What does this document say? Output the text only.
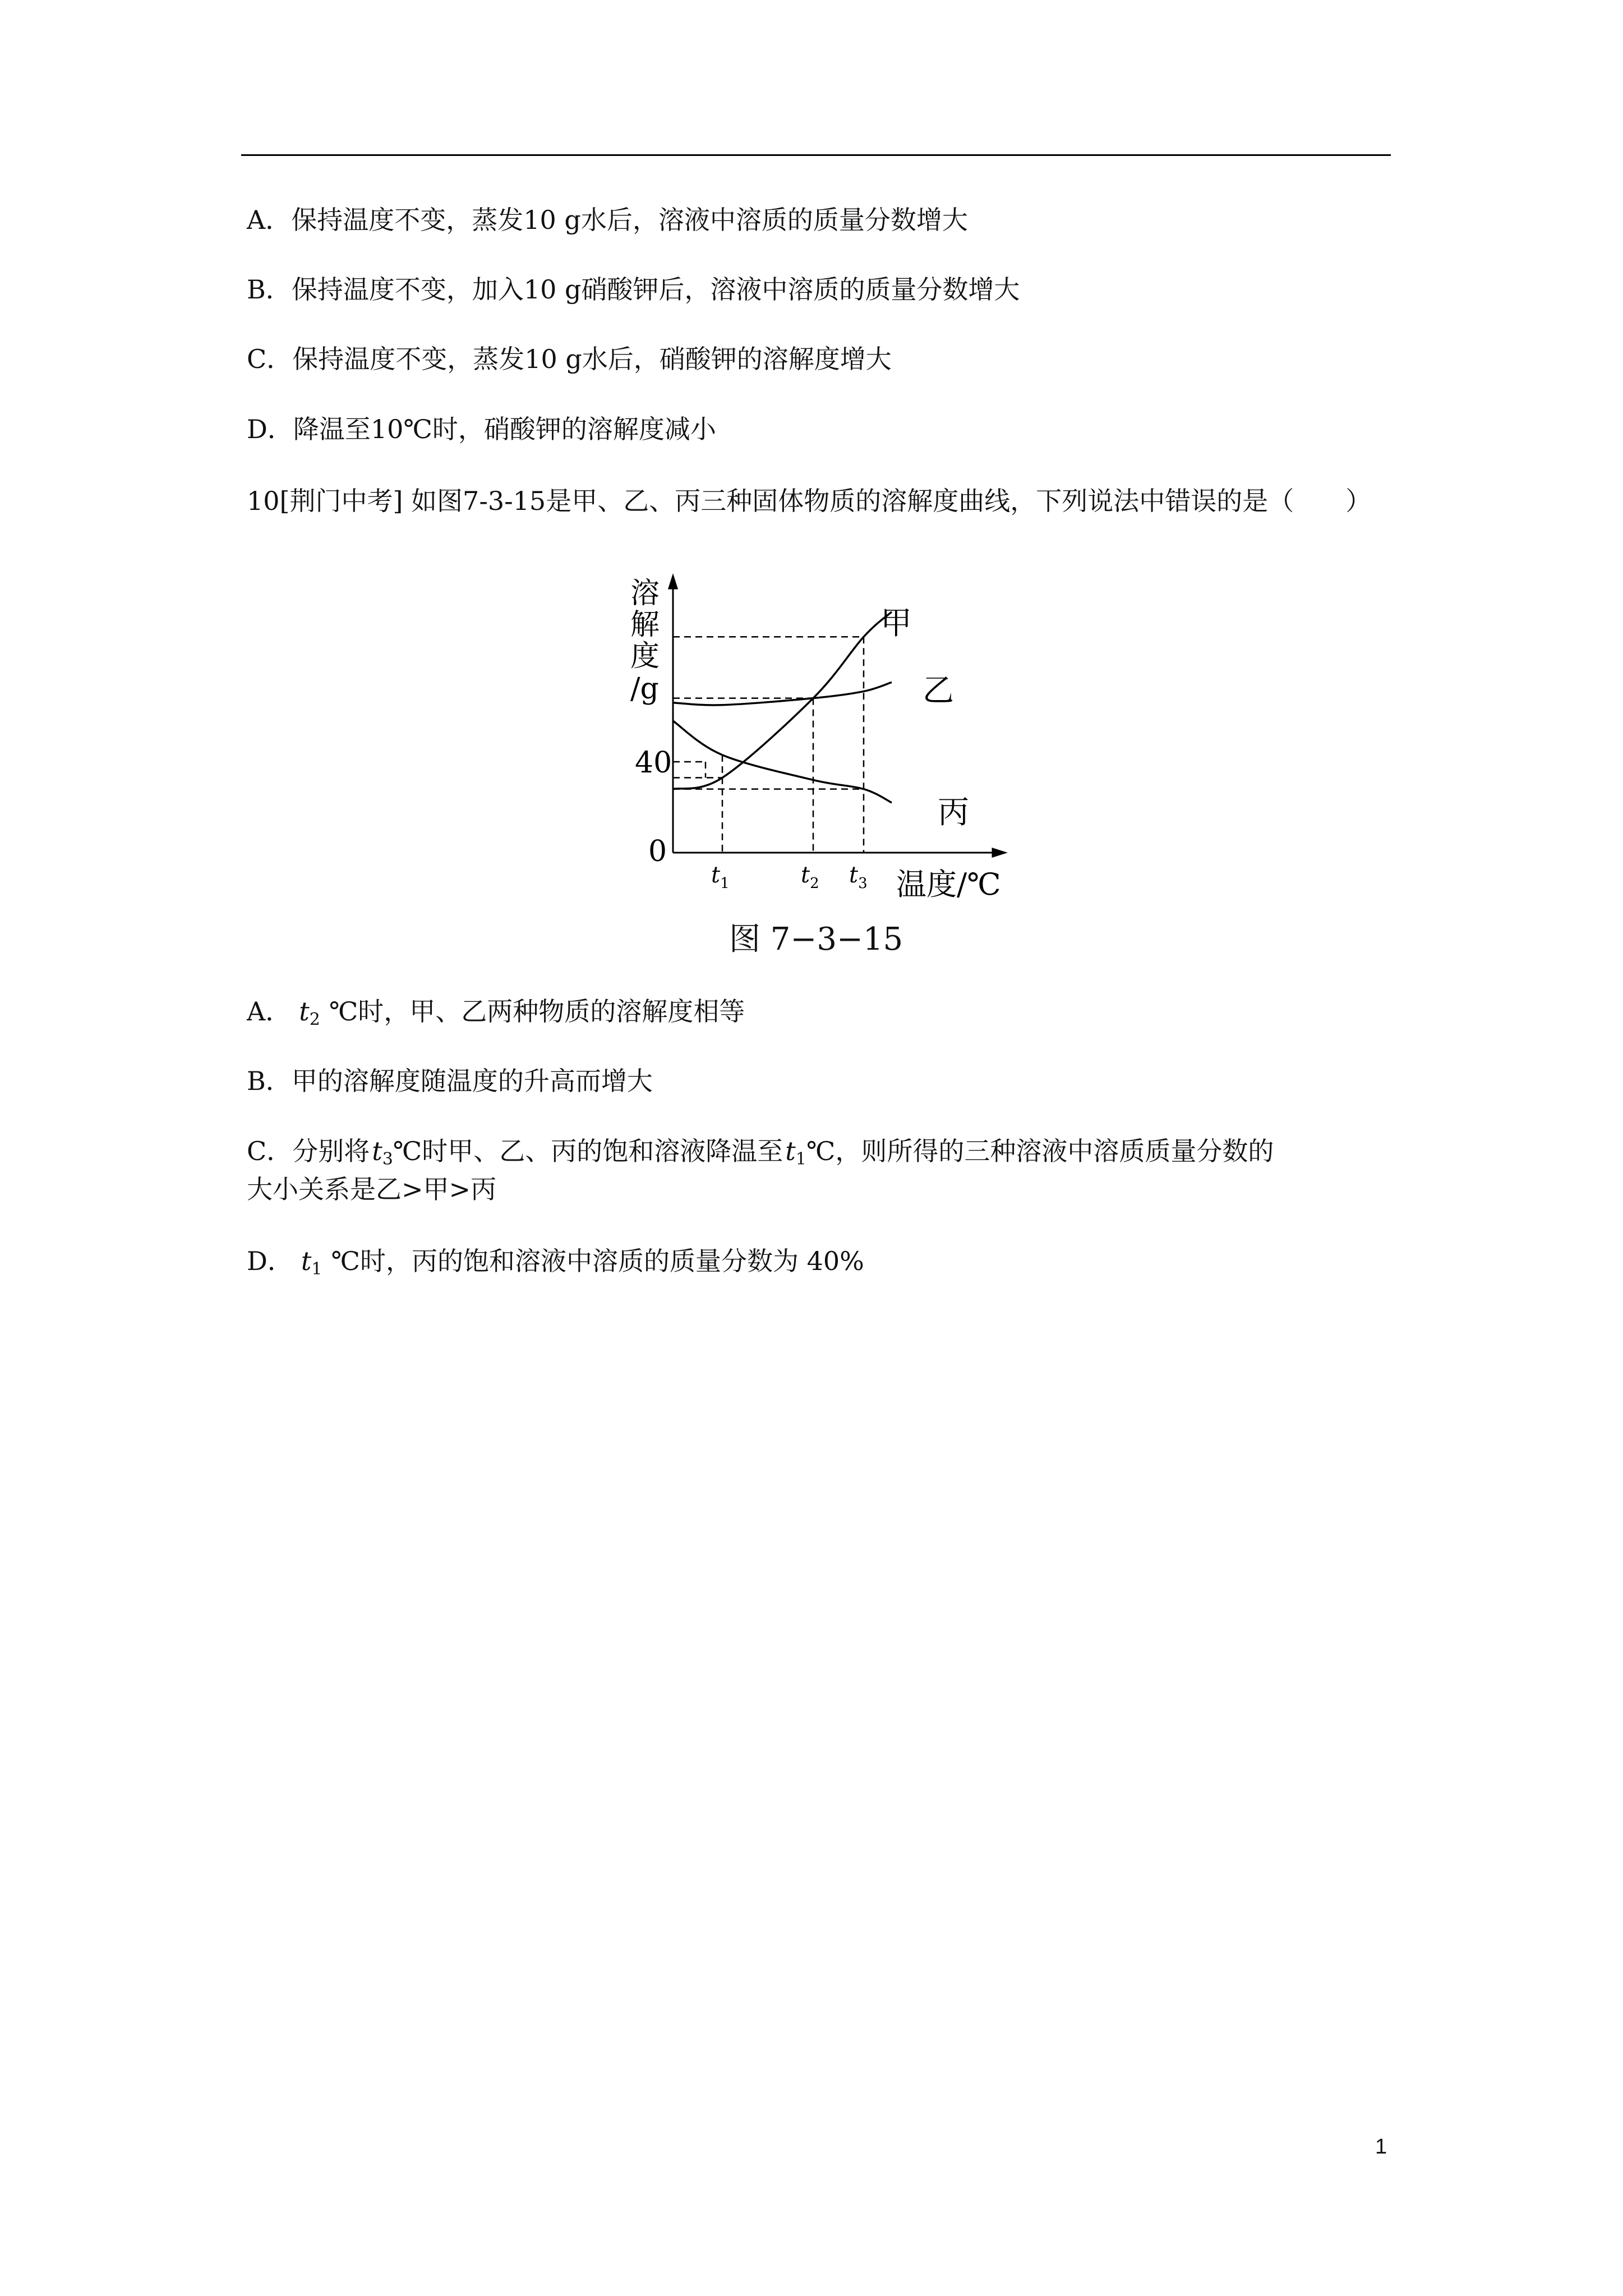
A．保持温度不变，蒸发10 g水后，溶液中溶质的质量分数增大
B．保持温度不变，加入10 g硝酸钾后，溶液中溶质的质量分数增大
C．保持温度不变，蒸发10 g水后，硝酸钾的溶解度增大
D．降温至10℃时，硝酸钾的溶解度减小
10[荆门中考] 如图7-3-15是甲、乙、丙三种固体物质的溶解度曲线，下列说法中错误的是（　　）
溶
解
度
/g
40
0
温度/℃
甲
乙
丙
$t_1$	$t_2$ $t_3$
图 7−3−15
A． t2 ℃时，甲、乙两种物质的溶解度相等
B．甲的溶解度随温度的升高而增大
C．分别将t3℃时甲、乙、丙的饱和溶液降温至t1℃，则所得的三种溶液中溶质质量分数的
大小关系是乙>甲>丙
D． t1 ℃时，丙的饱和溶液中溶质的质量分数为 40%
1
